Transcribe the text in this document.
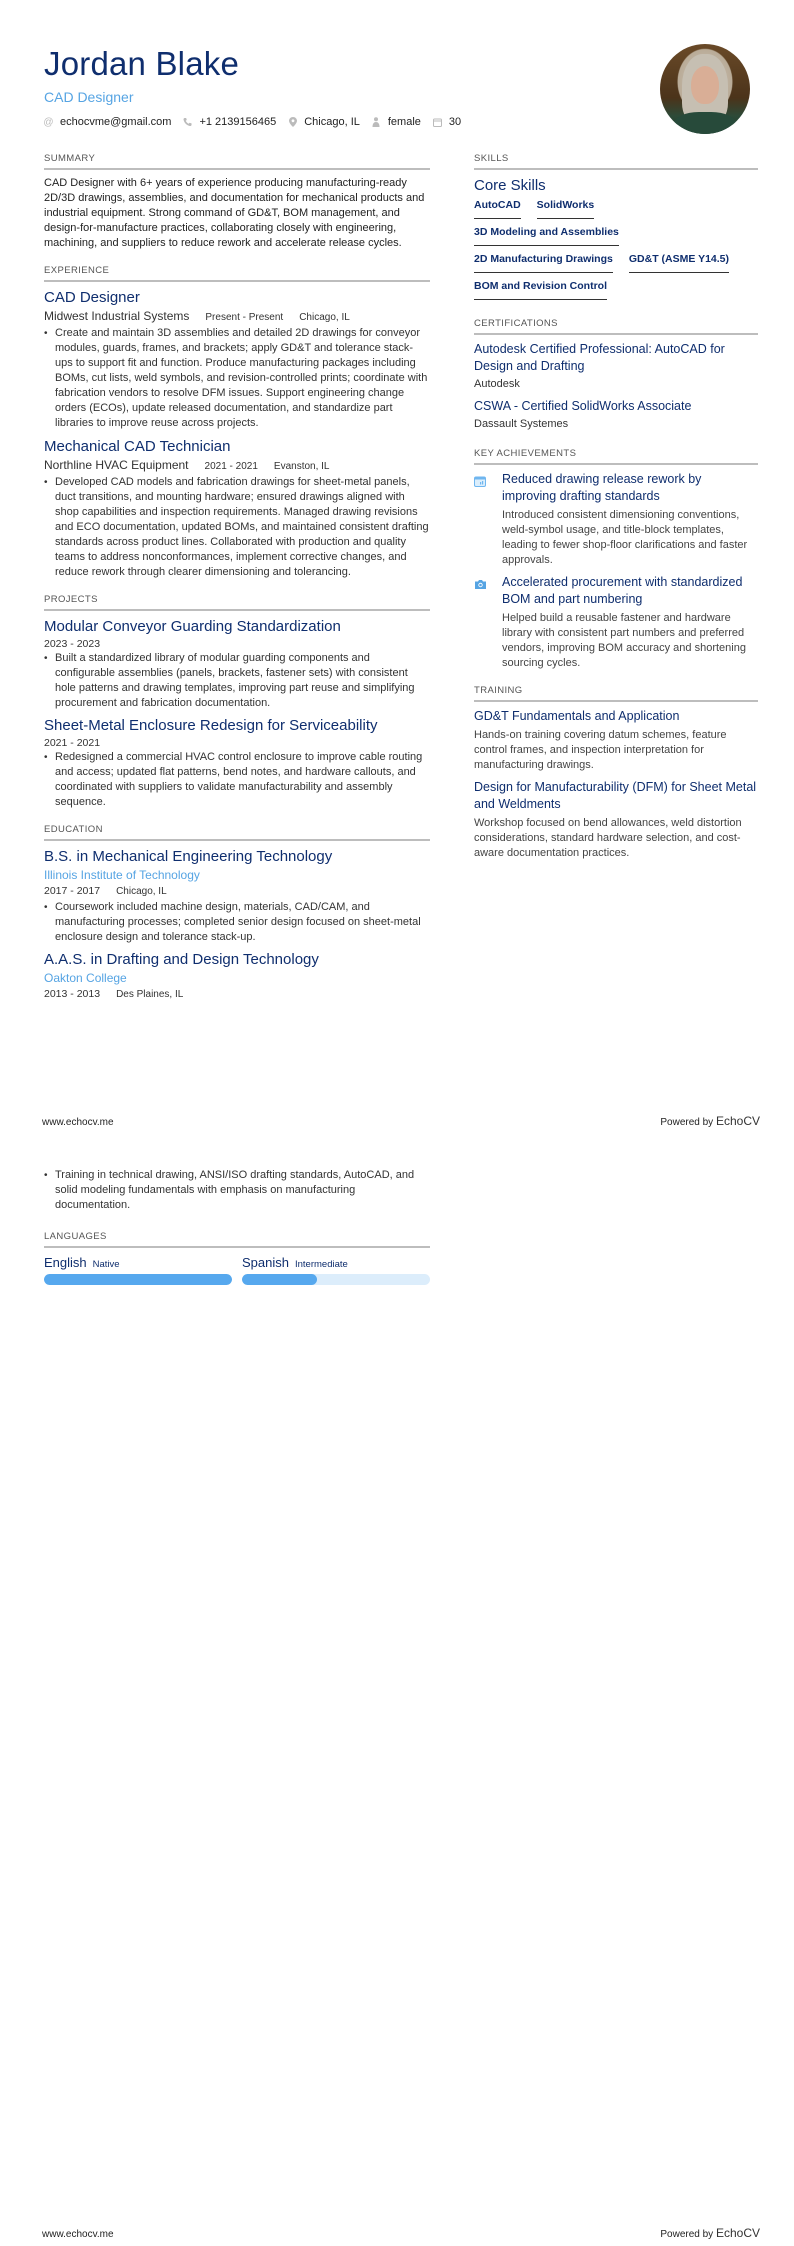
Jordan Blake
CAD Designer
@ echocvme@gmail.com	+1 2139156465	Chicago, IL	female	30
SUMMARY
CAD Designer with 6+ years of experience producing manufacturing-ready 2D/3D drawings, assemblies, and documentation for mechanical products and industrial equipment. Strong command of GD&T, BOM management, and design-for-manufacture practices, collaborating closely with engineering, machining, and suppliers to reduce rework and accelerate release cycles.
EXPERIENCE
CAD Designer
Midwest Industrial Systems Present - Present Chicago, IL
• Create and maintain 3D assemblies and detailed 2D drawings for conveyor modules, guards, frames, and brackets; apply GD&T and tolerance stack-ups to support fit and function. Produce manufacturing packages including BOMs, cut lists, weld symbols, and revision-controlled prints; coordinate with fabrication vendors to resolve DFM issues. Support engineering change orders (ECOs), update released documentation, and standardize part libraries to improve reuse across projects.
Mechanical CAD Technician
Northline HVAC Equipment 2021 - 2021 Evanston, IL
• Developed CAD models and fabrication drawings for sheet-metal panels, duct transitions, and mounting hardware; ensured drawings aligned with shop capabilities and inspection requirements. Managed drawing revisions and ECO documentation, updated BOMs, and maintained consistent drafting standards across product lines. Collaborated with production and quality teams to address nonconformances, implement corrective changes, and reduce rework through clearer dimensioning and tolerancing.
PROJECTS
Modular Conveyor Guarding Standardization
2023 - 2023
• Built a standardized library of modular guarding components and configurable assemblies (panels, brackets, fastener sets) with consistent hole patterns and drawing templates, improving part reuse and simplifying procurement and fabrication documentation.
Sheet-Metal Enclosure Redesign for Serviceability
2021 - 2021
• Redesigned a commercial HVAC control enclosure to improve cable routing and access; updated flat patterns, bend notes, and hardware callouts, and coordinated with suppliers to validate manufacturability and assembly sequence.
EDUCATION
B.S. in Mechanical Engineering Technology
Illinois Institute of Technology
2017 - 2017 Chicago, IL
• Coursework included machine design, materials, CAD/CAM, and manufacturing processes; completed senior design focused on sheet-metal enclosure design and tolerance stack-up.
A.A.S. in Drafting and Design Technology
Oakton College
2013 - 2013 Des Plaines, IL
SKILLS
Core Skills
AutoCAD SolidWorks
3D Modeling and Assemblies
2D Manufacturing Drawings GD&T (ASME Y14.5)
BOM and Revision Control
CERTIFICATIONS
Autodesk Certified Professional: AutoCAD for Design and Drafting
Autodesk
CSWA - Certified SolidWorks Associate
Dassault Systemes
KEY ACHIEVEMENTS
Reduced drawing release rework by improving drafting standards
Introduced consistent dimensioning conventions, weld-symbol usage, and title-block templates, leading to fewer shop-floor clarifications and faster approvals.
Accelerated procurement with standardized BOM and part numbering
Helped build a reusable fastener and hardware library with consistent part numbers and preferred vendors, improving BOM accuracy and shortening sourcing cycles.
TRAINING
GD&T Fundamentals and Application
Hands-on training covering datum schemes, feature control frames, and inspection interpretation for manufacturing drawings.
Design for Manufacturability (DFM) for Sheet Metal and Weldments
Workshop focused on bend allowances, weld distortion considerations, standard hardware selection, and cost-aware documentation practices.
www.echocv.me	Powered by EchoCV
• Training in technical drawing, ANSI/ISO drafting standards, AutoCAD, and solid modeling fundamentals with emphasis on manufacturing documentation.
LANGUAGES
English Native	Spanish Intermediate
www.echocv.me	Powered by EchoCV
